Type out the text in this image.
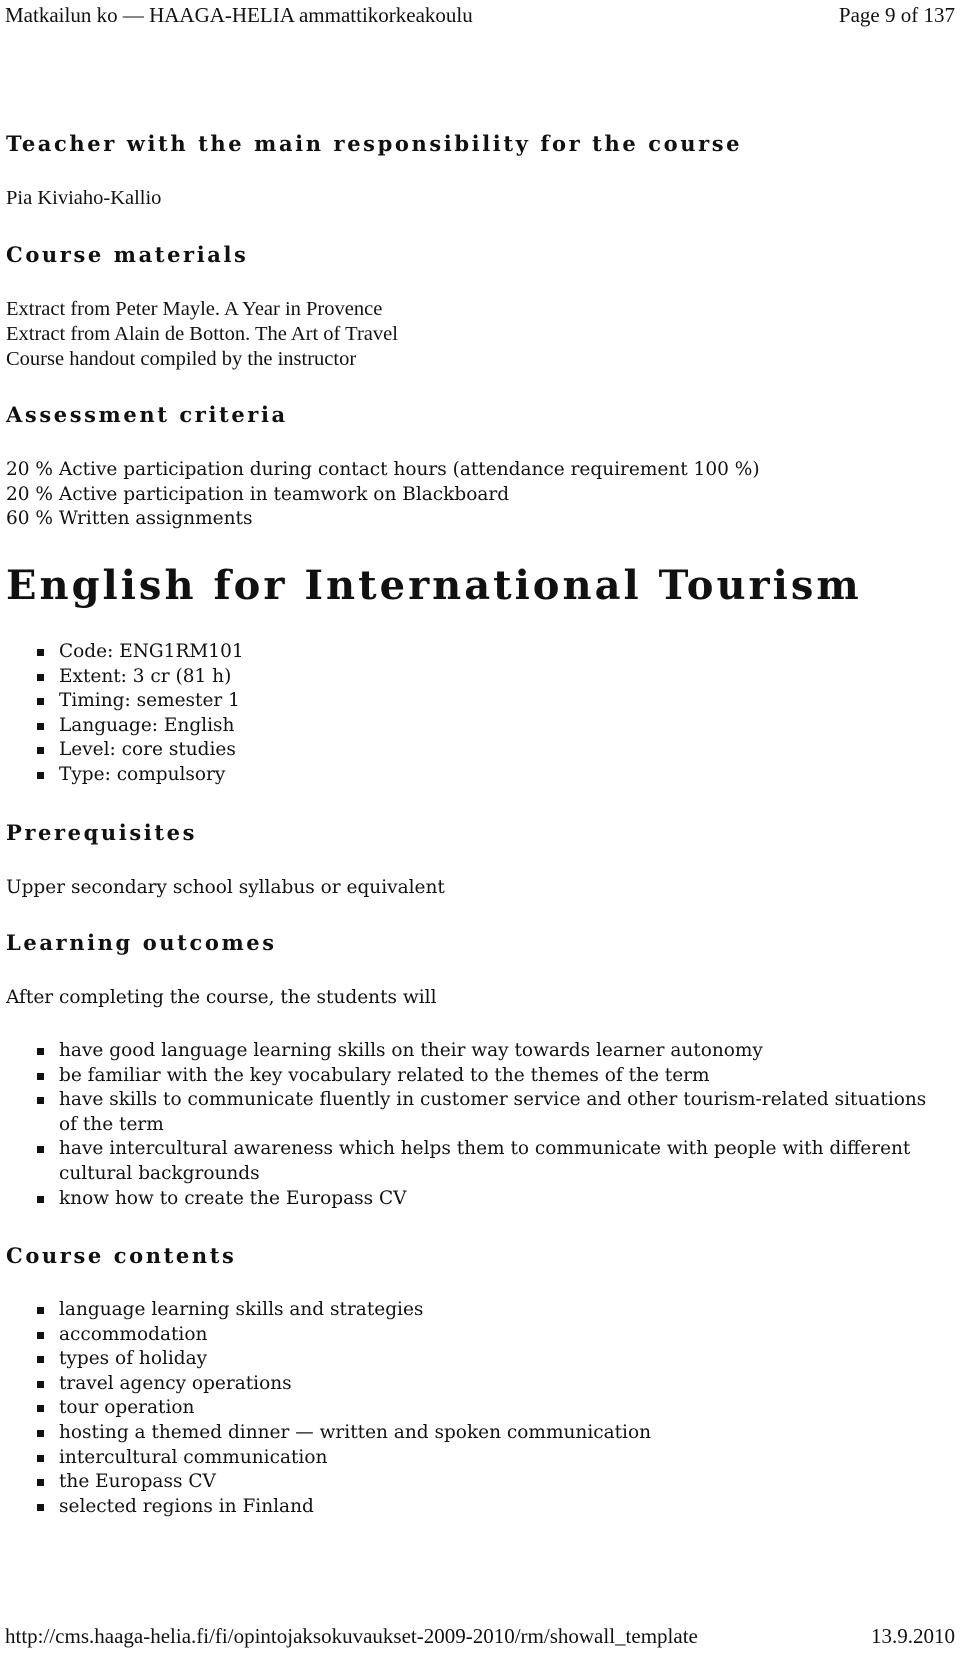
Matkailun ko — HAAGA-HELIA ammattikorkeakoulu	Page 9 of 137
Teacher with the main responsibility for the course
Pia Kiviaho-Kallio
Course materials
Extract from Peter Mayle. A Year in Provence
Extract from Alain de Botton. The Art of Travel
Course handout compiled by the instructor
Assessment criteria
20 % Active participation during contact hours (attendance requirement 100 %)
20 % Active participation in teamwork on Blackboard
60 % Written assignments
English for International Tourism
Code: ENG1RM101
Extent: 3 cr (81 h)
Timing: semester 1
Language: English
Level: core studies
Type: compulsory
Prerequisites
Upper secondary school syllabus or equivalent
Learning outcomes
After completing the course, the students will
have good language learning skills on their way towards learner autonomy
be familiar with the key vocabulary related to the themes of the term
have skills to communicate fluently in customer service and other tourism-related situations of the term
have intercultural awareness which helps them to communicate with people with different cultural backgrounds
know how to create the Europass CV
Course contents
language learning skills and strategies
accommodation
types of holiday
travel agency operations
tour operation
hosting a themed dinner — written and spoken communication
intercultural communication
the Europass CV
selected regions in Finland
http://cms.haaga-helia.fi/fi/opintojaksokuvaukset-2009-2010/rm/showall_template	13.9.2010
